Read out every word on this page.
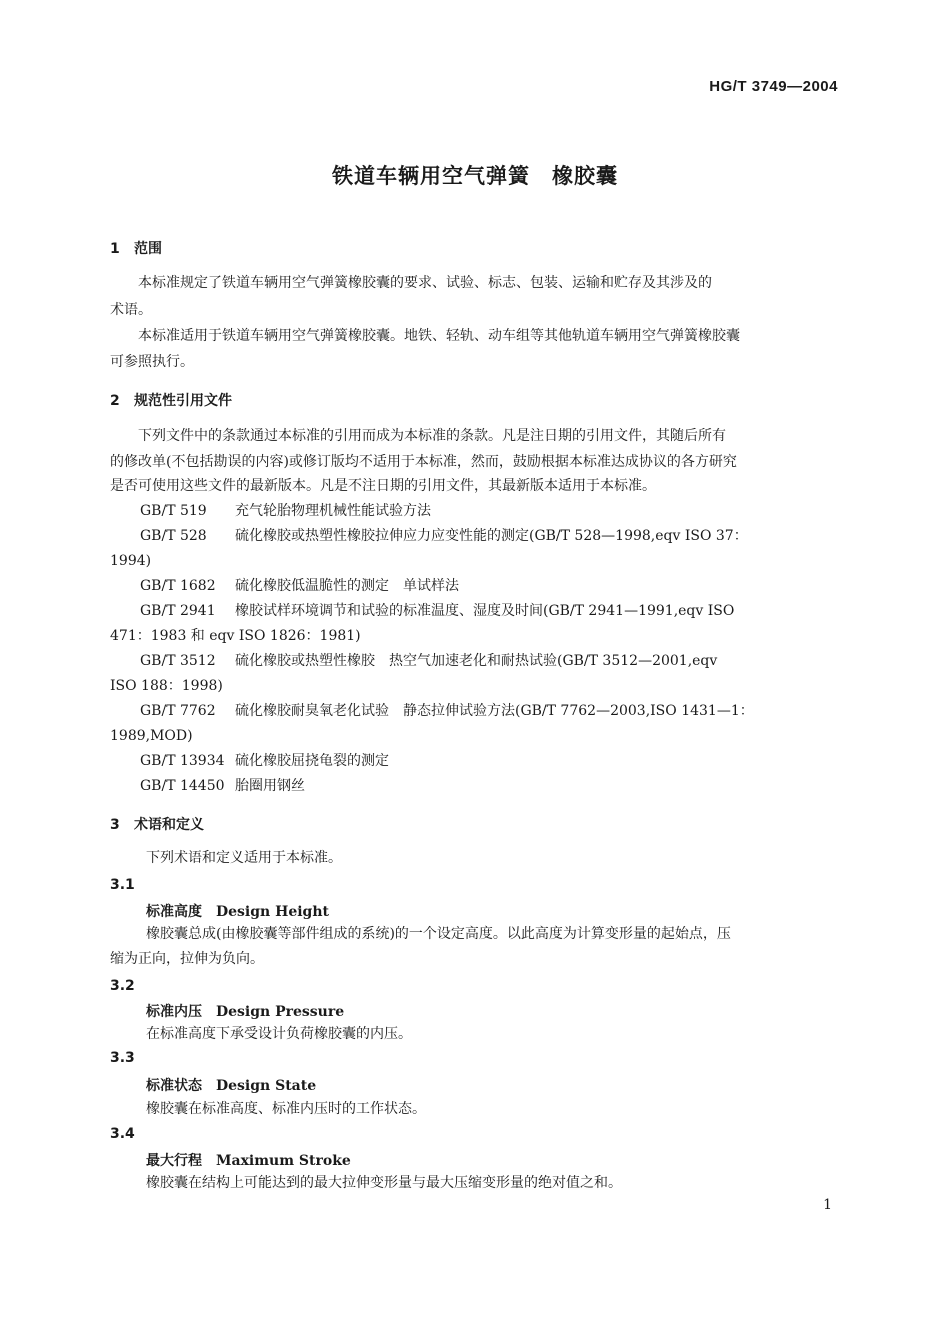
HG/T 3749—2004
铁道车辆用空气弹簧　橡胶囊
1 范围
本标准规定了铁道车辆用空气弹簧橡胶囊的要求、试验、标志、包装、运输和贮存及其涉及的
术语。
本标准适用于铁道车辆用空气弹簧橡胶囊。地铁、轻轨、动车组等其他轨道车辆用空气弹簧橡胶囊
可参照执行。
2 规范性引用文件
下列文件中的条款通过本标准的引用而成为本标准的条款。凡是注日期的引用文件，其随后所有
的修改单(不包括勘误的内容)或修订版均不适用于本标准，然而，鼓励根据本标准达成协议的各方研究
是否可使用这些文件的最新版本。凡是不注日期的引用文件，其最新版本适用于本标准。
GB/T 519 充气轮胎物理机械性能试验方法
GB/T 528 硫化橡胶或热塑性橡胶拉伸应力应变性能的测定(GB/T 528—1998,eqv ISO 37：
1994)
GB/T 1682 硫化橡胶低温脆性的测定　单试样法
GB/T 2941 橡胶试样环境调节和试验的标准温度、湿度及时间(GB/T 2941—1991,eqv ISO
471：1983 和 eqv ISO 1826：1981)
GB/T 3512 硫化橡胶或热塑性橡胶　热空气加速老化和耐热试验(GB/T 3512—2001,eqv
ISO 188：1998)
GB/T 7762 硫化橡胶耐臭氧老化试验　静态拉伸试验方法(GB/T 7762—2003,ISO 1431—1：
1989,MOD)
GB/T 13934 硫化橡胶屈挠龟裂的测定
GB/T 14450 胎圈用钢丝
3 术语和定义
下列术语和定义适用于本标准。
3.1
标准高度 Design Height
橡胶囊总成(由橡胶囊等部件组成的系统)的一个设定高度。以此高度为计算变形量的起始点，压
缩为正向，拉伸为负向。
3.2
标准内压 Design Pressure
在标准高度下承受设计负荷橡胶囊的内压。
3.3
标准状态 Design State
橡胶囊在标准高度、标准内压时的工作状态。
3.4
最大行程 Maximum Stroke
橡胶囊在结构上可能达到的最大拉伸变形量与最大压缩变形量的绝对值之和。
1
